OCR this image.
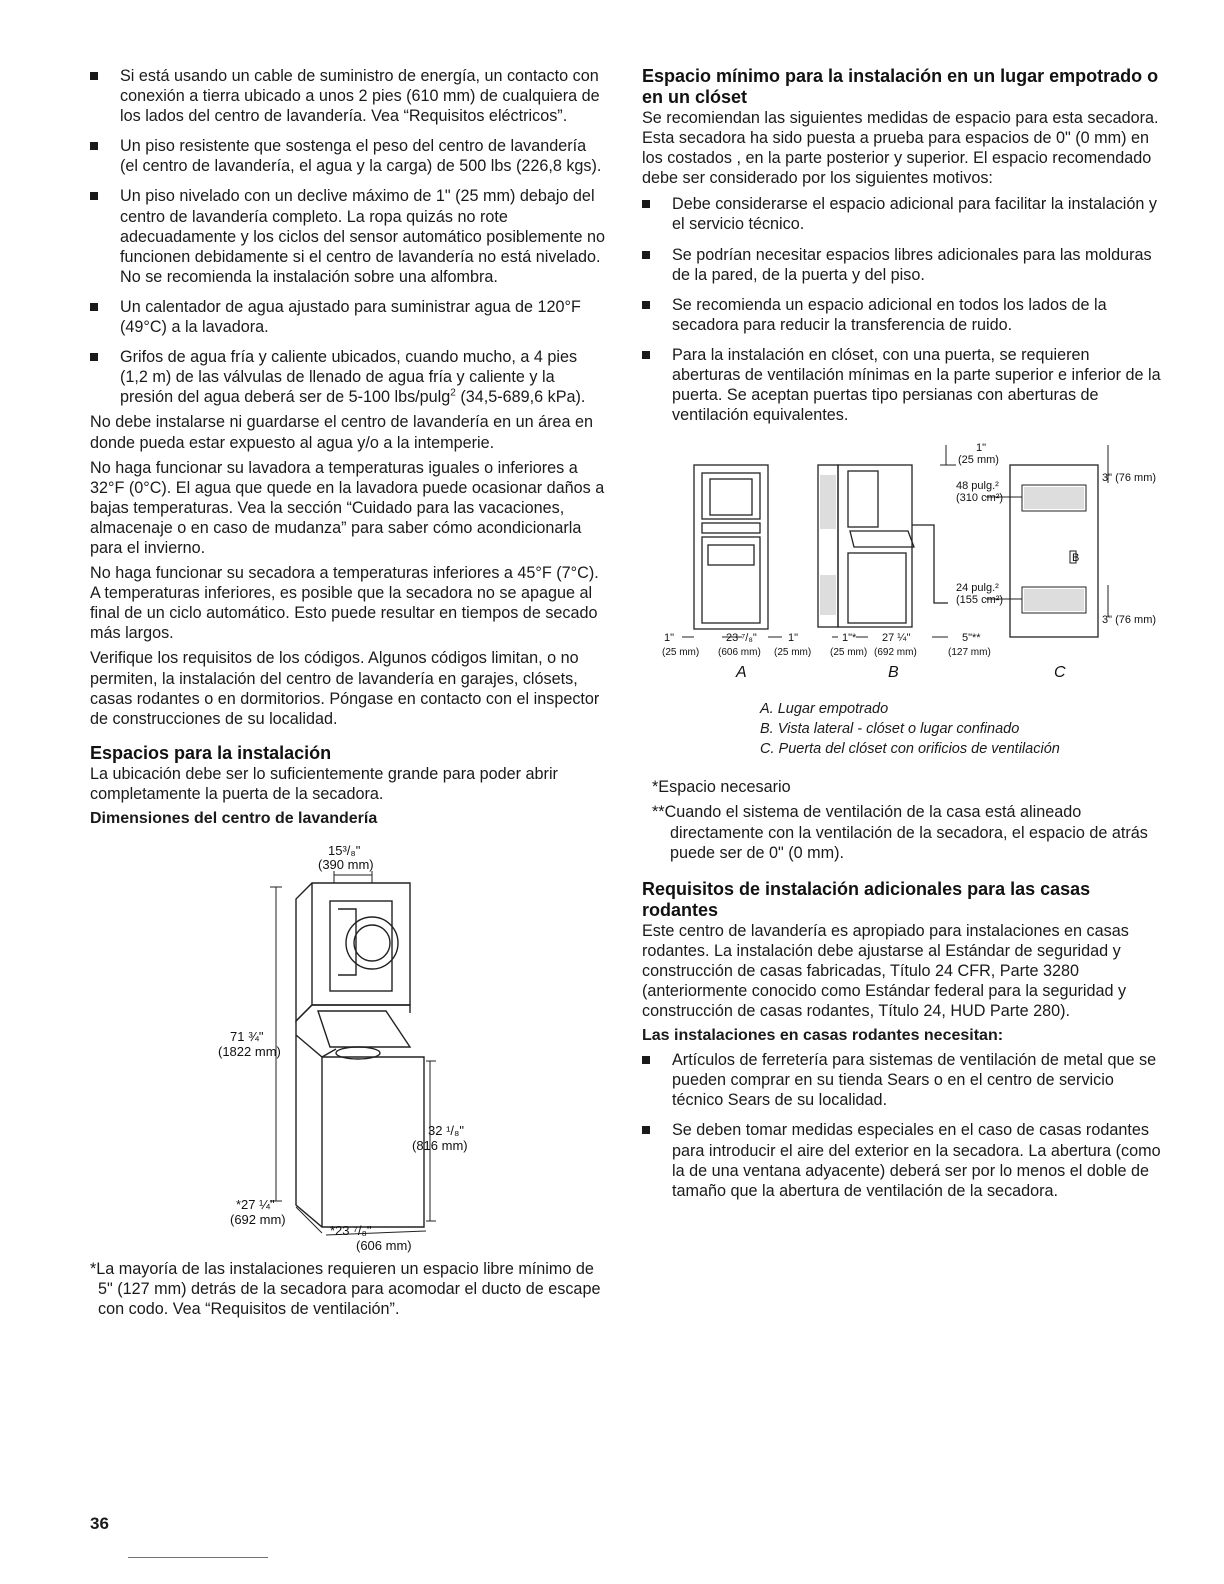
Si está usando un cable de suministro de energía, un contacto con conexión a tierra ubicado a unos 2 pies (610 mm) de cualquiera de los lados del centro de lavandería. Vea “Requisitos eléctricos”.
Un piso resistente que sostenga el peso del centro de lavandería (el centro de lavandería, el agua y la carga) de 500 lbs (226,8 kgs).
Un piso nivelado con un declive máximo de 1" (25 mm) debajo del centro de lavandería completo. La ropa quizás no rote adecuadamente y los ciclos del sensor automático posiblemente no funcionen debidamente si el centro de lavandería no está nivelado. No se recomienda la instalación sobre una alfombra.
Un calentador de agua ajustado para suministrar agua de 120°F (49°C) a la lavadora.
Grifos de agua fría y caliente ubicados, cuando mucho, a 4 pies (1,2 m) de las válvulas de llenado de agua fría y caliente y la presión del agua deberá ser de 5-100 lbs/pulg$^2$ (34,5-689,6 kPa).

No debe instalarse ni guardarse el centro de lavandería en un área en donde pueda estar expuesto al agua y/o a la intemperie.

No haga funcionar su lavadora a temperaturas iguales o inferiores a 32°F (0°C). El agua que quede en la lavadora puede ocasionar daños a bajas temperaturas. Vea la sección “Cuidado para las vacaciones, almacenaje o en caso de mudanza” para saber cómo acondicionarla para el invierno.

No haga funcionar su secadora a temperaturas inferiores a 45°F (7°C). A temperaturas inferiores, es posible que la secadora no se apague al final de un ciclo automático. Esto puede resultar en tiempos de secado más largos.

Verifique los requisitos de los códigos. Algunos códigos limitan, o no permiten, la instalación del centro de lavandería en garajes, clósets, casas rodantes o en dormitorios. Póngase en contacto con el inspector de construcciones de su localidad.

Espacios para la instalación

La ubicación debe ser lo suficientemente grande para poder abrir completamente la puerta de la secadora.

Dimensiones del centro de lavandería
15³/₈"
(390 mm)
71 ¾"
(1822 mm)
32 ¹/₈"
(816 mm)
*27 ¼"
(692 mm)
*23 ⁷/₈"
(606 mm)

*La mayoría de las instalaciones requieren un espacio libre mínimo de 5" (127 mm) detrás de la secadora para acomodar el ducto de escape con codo. Vea “Requisitos de ventilación”.

Espacio mínimo para la instalación en un lugar empotrado o en un clóset

Se recomiendan las siguientes medidas de espacio para esta secadora. Esta secadora ha sido puesta a prueba para espacios de 0" (0 mm) en los costados , en la parte posterior y superior. El espacio recomendado debe ser considerado por los siguientes motivos:

Debe considerarse el espacio adicional para facilitar la instalación y el servicio técnico.
Se podrían necesitar espacios libres adicionales para las molduras de la pared, de la puerta y del piso.
Se recomienda un espacio adicional en todos los lados de la secadora para reducir la transferencia de ruido.
Para la instalación en clóset, con una puerta, se requieren aberturas de ventilación mínimas en la parte superior e inferior de la puerta. Se aceptan puertas tipo persianas con aberturas de ventilación equivalentes.
1"
(25 mm)
48 pulg.²
(310 cm²)
24 pulg.²
(155 cm²)
3" (76 mm)
3" (76 mm)
B
1"
(25 mm)
23 ⁷/₈"
(606 mm)
1"
(25 mm)
1"*
(25 mm)
27 ¼"
(692 mm)
5"**
(127 mm)
A	B	C

A. Lugar empotrado

B. Vista lateral - clóset o lugar confinado

C. Puerta del clóset con orificios de ventilación

*Espacio necesario

**Cuando el sistema de ventilación de la casa está alineado directamente con la ventilación de la secadora, el espacio de atrás puede ser de 0" (0 mm).

Requisitos de instalación adicionales para las casas rodantes

Este centro de lavandería es apropiado para instalaciones en casas rodantes. La instalación debe ajustarse al Estándar de seguridad y construcción de casas fabricadas, Título 24 CFR, Parte 3280 (anteriormente conocido como Estándar federal para la seguridad y construcción de casas rodantes, Título 24, HUD Parte 280).

Las instalaciones en casas rodantes necesitan:
Artículos de ferretería para sistemas de ventilación de metal que se pueden comprar en su tienda Sears o en el centro de servicio técnico Sears de su localidad.
Se deben tomar medidas especiales en el caso de casas rodantes para introducir el aire del exterior en la secadora. La abertura (como la de una ventana adyacente) deberá ser por lo menos el doble de tamaño que la abertura de ventilación de la secadora.
36
